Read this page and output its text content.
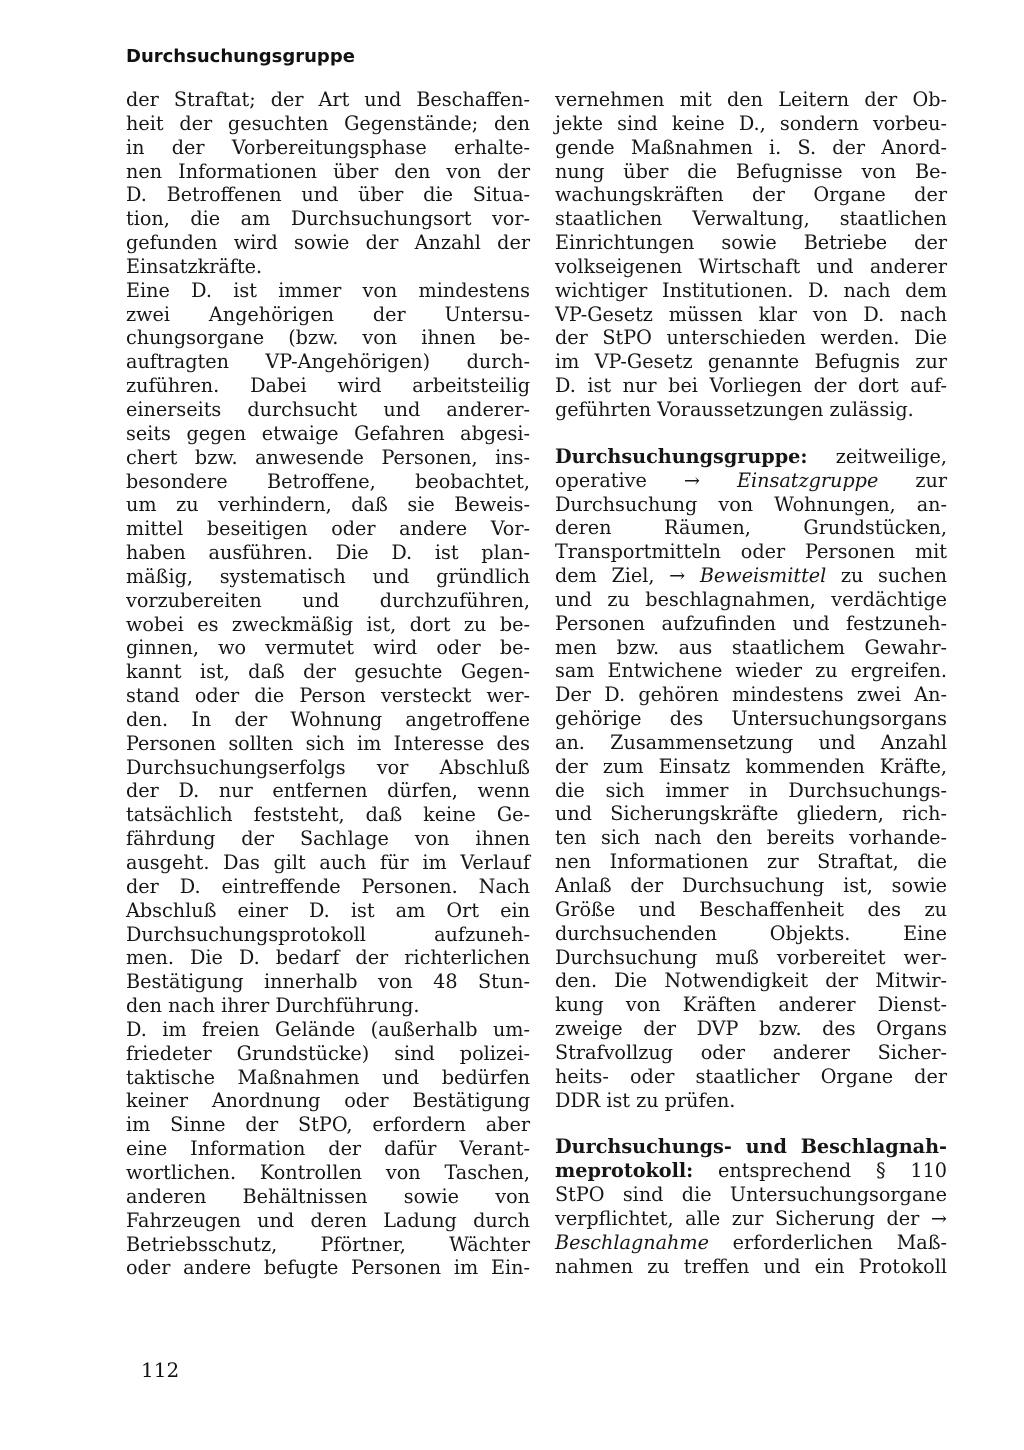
Durchsuchungsgruppe
der Straftat; der Art und Beschaffen-
heit der gesuchten Gegenstände; den
in der Vorbereitungsphase erhalte-
nen Informationen über den von der
D. Betroffenen und über die Situa-
tion, die am Durchsuchungsort vor-
gefunden wird sowie der Anzahl der
Einsatzkräfte.
Eine D. ist immer von mindestens
zwei Angehörigen der Untersu-
chungsorgane (bzw. von ihnen be-
auftragten VP-Angehörigen) durch-
zuführen. Dabei wird arbeitsteilig
einerseits durchsucht und anderer-
seits gegen etwaige Gefahren abgesi-
chert bzw. anwesende Personen, ins-
besondere Betroffene, beobachtet,
um zu verhindern, daß sie Beweis-
mittel beseitigen oder andere Vor-
haben ausführen. Die D. ist plan-
mäßig, systematisch und gründlich
vorzubereiten und durchzuführen,
wobei es zweckmäßig ist, dort zu be-
ginnen, wo vermutet wird oder be-
kannt ist, daß der gesuchte Gegen-
stand oder die Person versteckt wer-
den. In der Wohnung angetroffene
Personen sollten sich im Interesse des
Durchsuchungserfolgs vor Abschluß
der D. nur entfernen dürfen, wenn
tatsächlich feststeht, daß keine Ge-
fährdung der Sachlage von ihnen
ausgeht. Das gilt auch für im Verlauf
der D. eintreffende Personen. Nach
Abschluß einer D. ist am Ort ein
Durchsuchungsprotokoll aufzuneh-
men. Die D. bedarf der richterlichen
Bestätigung innerhalb von 48 Stun-
den nach ihrer Durchführung.
D. im freien Gelände (außerhalb um-
friedeter Grundstücke) sind polizei-
taktische Maßnahmen und bedürfen
keiner Anordnung oder Bestätigung
im Sinne der StPO, erfordern aber
eine Information der dafür Verant-
wortlichen. Kontrollen von Taschen,
anderen Behältnissen sowie von
Fahrzeugen und deren Ladung durch
Betriebsschutz, Pförtner, Wächter
oder andere befugte Personen im Ein-
vernehmen mit den Leitern der Ob-
jekte sind keine D., sondern vorbeu-
gende Maßnahmen i. S. der Anord-
nung über die Befugnisse von Be-
wachungskräften der Organe der
staatlichen Verwaltung, staatlichen
Einrichtungen sowie Betriebe der
volkseigenen Wirtschaft und anderer
wichtiger Institutionen. D. nach dem
VP-Gesetz müssen klar von D. nach
der StPO unterschieden werden. Die
im VP-Gesetz genannte Befugnis zur
D. ist nur bei Vorliegen der dort auf-
geführten Voraussetzungen zulässig.
Durchsuchungsgruppe: zeitweilige,
operative → Einsatzgruppe zur
Durchsuchung von Wohnungen, an-
deren Räumen, Grundstücken,
Transportmitteln oder Personen mit
dem Ziel, → Beweismittel zu suchen
und zu beschlagnahmen, verdächtige
Personen aufzufinden und festzuneh-
men bzw. aus staatlichem Gewahr-
sam Entwichene wieder zu ergreifen.
Der D. gehören mindestens zwei An-
gehörige des Untersuchungsorgans
an. Zusammensetzung und Anzahl
der zum Einsatz kommenden Kräfte,
die sich immer in Durchsuchungs-
und Sicherungskräfte gliedern, rich-
ten sich nach den bereits vorhande-
nen Informationen zur Straftat, die
Anlaß der Durchsuchung ist, sowie
Größe und Beschaffenheit des zu
durchsuchenden Objekts. Eine
Durchsuchung muß vorbereitet wer-
den. Die Notwendigkeit der Mitwir-
kung von Kräften anderer Dienst-
zweige der DVP bzw. des Organs
Strafvollzug oder anderer Sicher-
heits- oder staatlicher Organe der
DDR ist zu prüfen.
Durchsuchungs- und Beschlagnah-
meprotokoll: entsprechend § 110
StPO sind die Untersuchungsorgane
verpflichtet, alle zur Sicherung der →
Beschlagnahme erforderlichen Maß-
nahmen zu treffen und ein Protokoll
112
